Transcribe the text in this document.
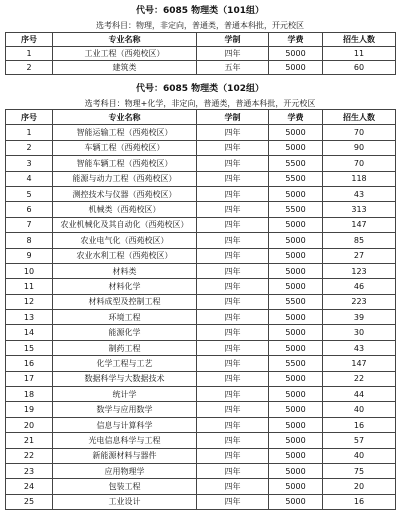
代号：6085 物理类（101组）
选考科目：物理，非定向，普通类，普通本科批，开元校区
序号	专业名称	学制	学费	招生人数
1	工业工程（西苑校区）	四年	5000	11
2	建筑类	五年	5000	60
代号：6085 物理类（102组）
选考科目：物理+化学，非定向，普通类，普通本科批，开元校区
序号	专业名称	学制	学费	招生人数
1	智能运输工程（西苑校区）	四年	5000	70
2	车辆工程（西苑校区）	四年	5000	90
3	智能车辆工程（西苑校区）	四年	5500	70
4	能源与动力工程（西苑校区）	四年	5500	118
5	测控技术与仪器（西苑校区）	四年	5000	43
6	机械类（西苑校区）	四年	5500	313
7	农业机械化及其自动化（西苑校区）	四年	5000	147
8	农业电气化（西苑校区）	四年	5000	85
9	农业水利工程（西苑校区）	四年	5000	27
10	材料类	四年	5000	123
11	材料化学	四年	5000	46
12	材料成型及控制工程	四年	5500	223
13	环境工程	四年	5000	39
14	能源化学	四年	5000	30
15	制药工程	四年	5000	43
16	化学工程与工艺	四年	5500	147
17	数据科学与大数据技术	四年	5000	22
18	统计学	四年	5000	44
19	数学与应用数学	四年	5000	40
20	信息与计算科学	四年	5000	16
21	光电信息科学与工程	四年	5000	57
22	新能源材料与器件	四年	5000	40
23	应用物理学	四年	5000	75
24	包装工程	四年	5000	20
25	工业设计	四年	5000	16
